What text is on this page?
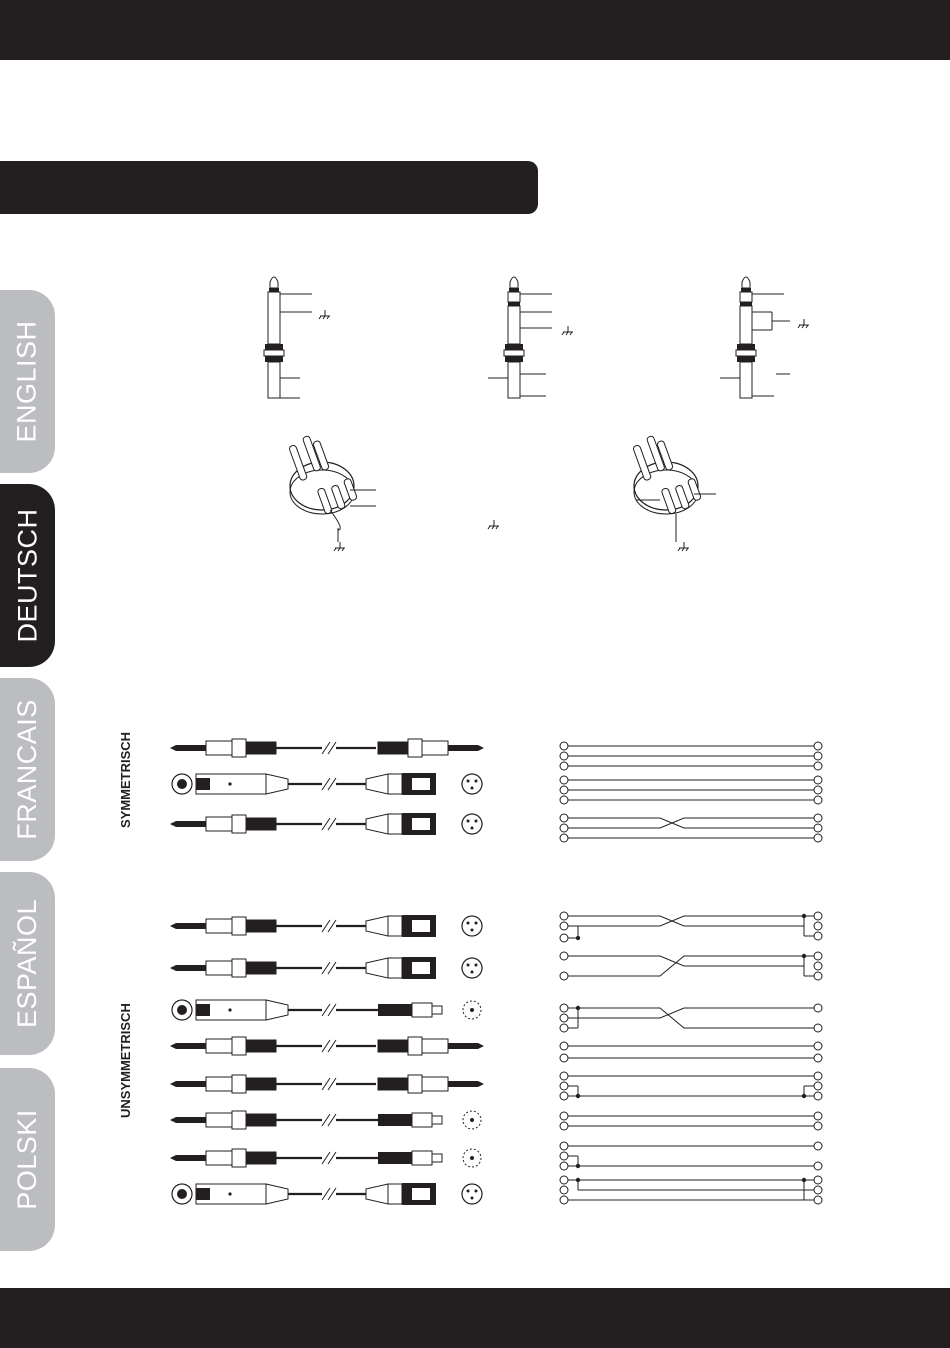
ENGLISH
DEUTSCH
FRANCAIS
ESPAÑOL
POLSKI
SYMMETRISCH
UNSYMMETRISCH
